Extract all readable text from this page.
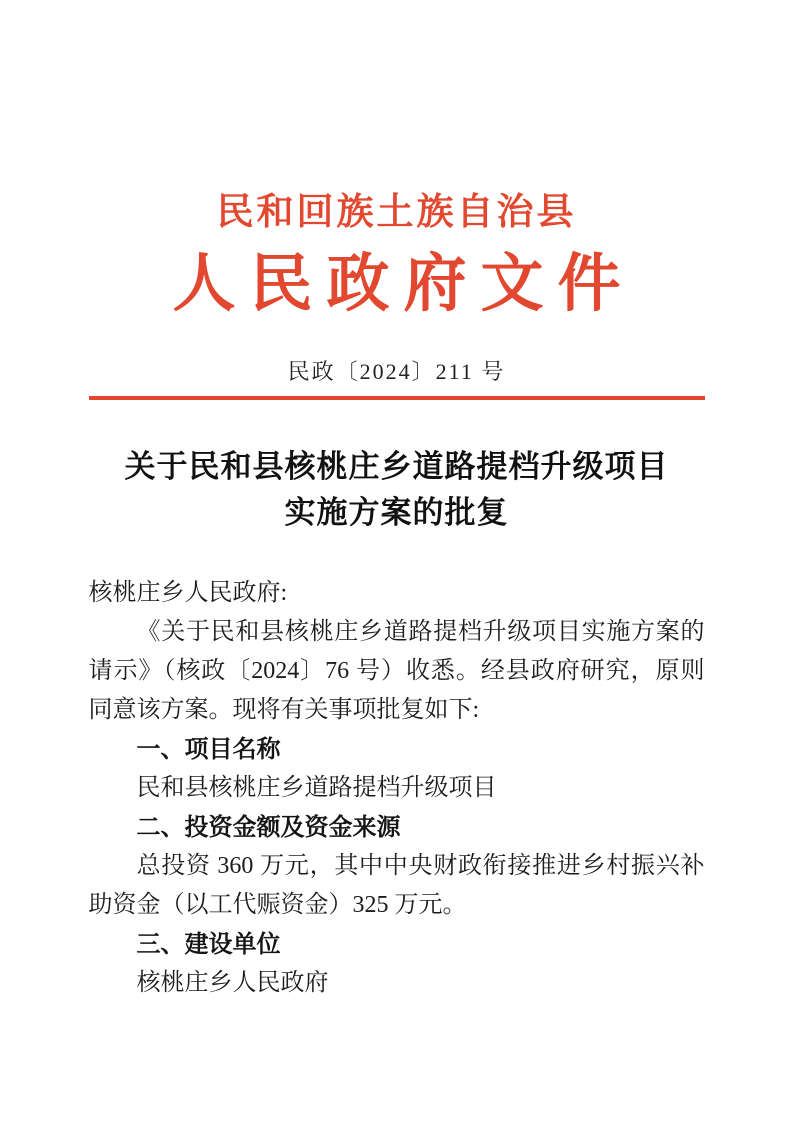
民和回族土族自治县
人民政府文件
民政〔2024〕211 号
关于民和县核桃庄乡道路提档升级项目
实施方案的批复

核桃庄乡人民政府:

《关于民和县核桃庄乡道路提档升级项目实施方案的请示》（核政〔2024〕76 号）收悉。经县政府研究，原则同意该方案。现将有关事项批复如下:

一、项目名称

民和县核桃庄乡道路提档升级项目

二、投资金额及资金来源

总投资 360 万元，其中中央财政衔接推进乡村振兴补助资金（以工代赈资金）325 万元。

三、建设单位

核桃庄乡人民政府
